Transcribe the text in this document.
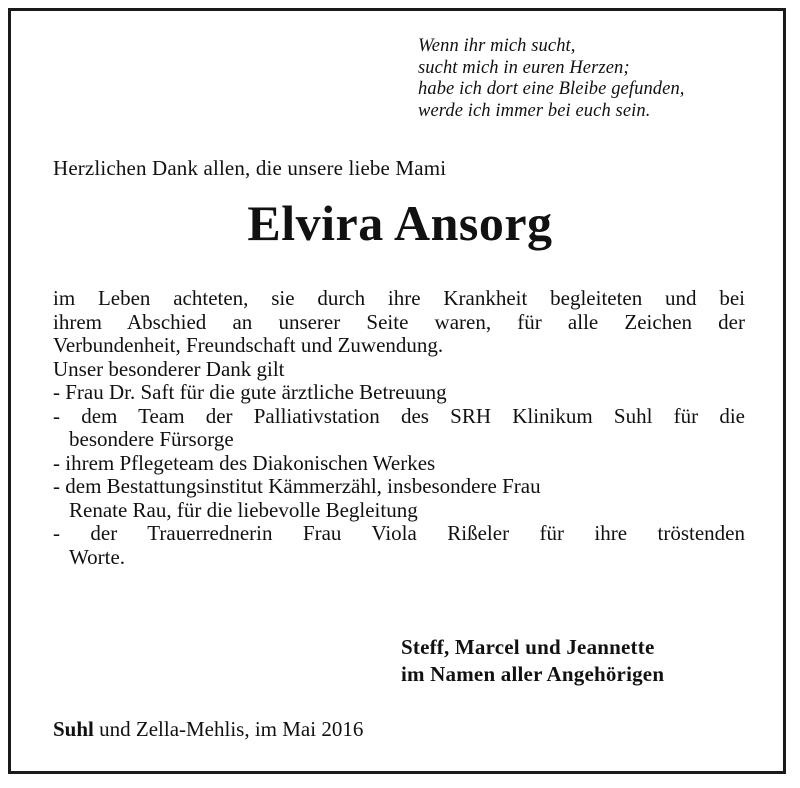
Wenn ihr mich sucht,
sucht mich in euren Herzen;
habe ich dort eine Bleibe gefunden,
werde ich immer bei euch sein.
Herzlichen Dank allen, die unsere liebe Mami
Elvira Ansorg

im Leben achteten, sie durch ihre Krankheit begleiteten und bei

ihrem Abschied an unserer Seite waren, für alle Zeichen der

Verbundenheit, Freundschaft und Zuwendung.

Unser besonderer Dank gilt

- Frau Dr. Saft für die gute ärztliche Betreuung

- dem Team der Palliativstation des SRH Klinikum Suhl für die

besondere Fürsorge

- ihrem Pflegeteam des Diakonischen Werkes

- dem Bestattungsinstitut Kämmerzähl, insbesondere Frau

Renate Rau, für die liebevolle Begleitung

- der Trauerrednerin Frau Viola Rißeler für ihre tröstenden

Worte.

Steff, Marcel und Jeannette
im Namen aller Angehörigen
Suhl und Zella-Mehlis, im Mai 2016
